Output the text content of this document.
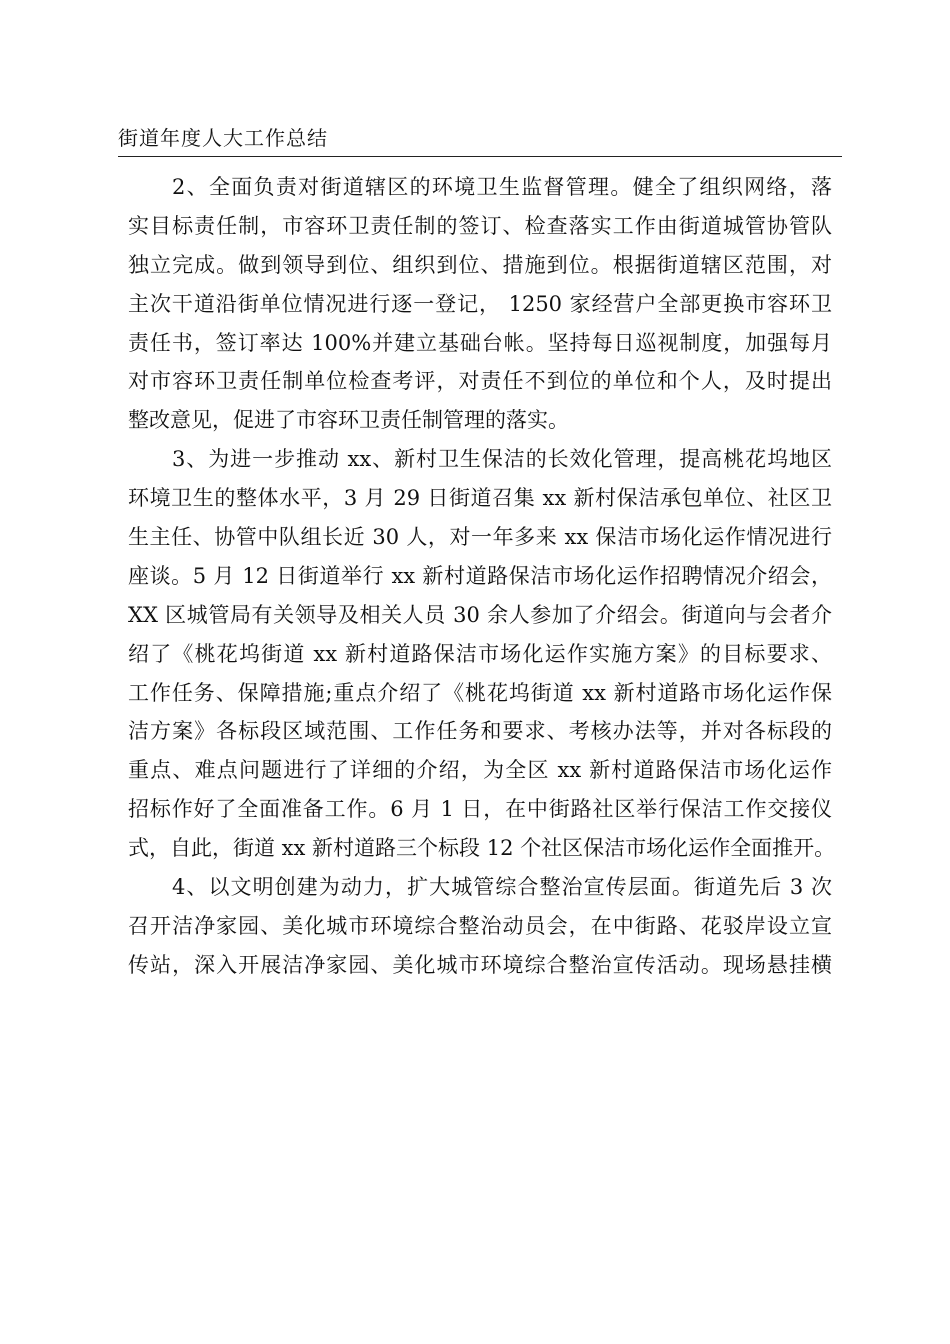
街道年度人大工作总结
2、全面负责对街道辖区的环境卫生监督管理。健全了组织网络，落
实目标责任制，市容环卫责任制的签订、检查落实工作由街道城管协管队
独立完成。做到领导到位、组织到位、措施到位。根据街道辖区范围，对
主次干道沿街单位情况进行逐一登记， 1250 家经营户全部更换市容环卫
责任书，签订率达 100%并建立基础台帐。坚持每日巡视制度，加强每月
对市容环卫责任制单位检查考评，对责任不到位的单位和个人，及时提出
整改意见，促进了市容环卫责任制管理的落实。
3、为进一步推动 xx、新村卫生保洁的长效化管理，提高桃花坞地区
环境卫生的整体水平，3 月 29 日街道召集 xx 新村保洁承包单位、社区卫
生主任、协管中队组长近 30 人，对一年多来 xx 保洁市场化运作情况进行
座谈。5 月 12 日街道举行 xx 新村道路保洁市场化运作招聘情况介绍会，
XX 区城管局有关领导及相关人员 30 余人参加了介绍会。街道向与会者介
绍了《桃花坞街道 xx 新村道路保洁市场化运作实施方案》的目标要求、
工作任务、保障措施;重点介绍了《桃花坞街道 xx 新村道路市场化运作保
洁方案》各标段区域范围、工作任务和要求、考核办法等，并对各标段的
重点、难点问题进行了详细的介绍，为全区 xx 新村道路保洁市场化运作
招标作好了全面准备工作。6 月 1 日，在中街路社区举行保洁工作交接仪
式，自此，街道 xx 新村道路三个标段 12 个社区保洁市场化运作全面推开。
4、以文明创建为动力，扩大城管综合整治宣传层面。街道先后 3 次
召开洁净家园、美化城市环境综合整治动员会，在中街路、花驳岸设立宣
传站，深入开展洁净家园、美化城市环境综合整治宣传活动。现场悬挂横
